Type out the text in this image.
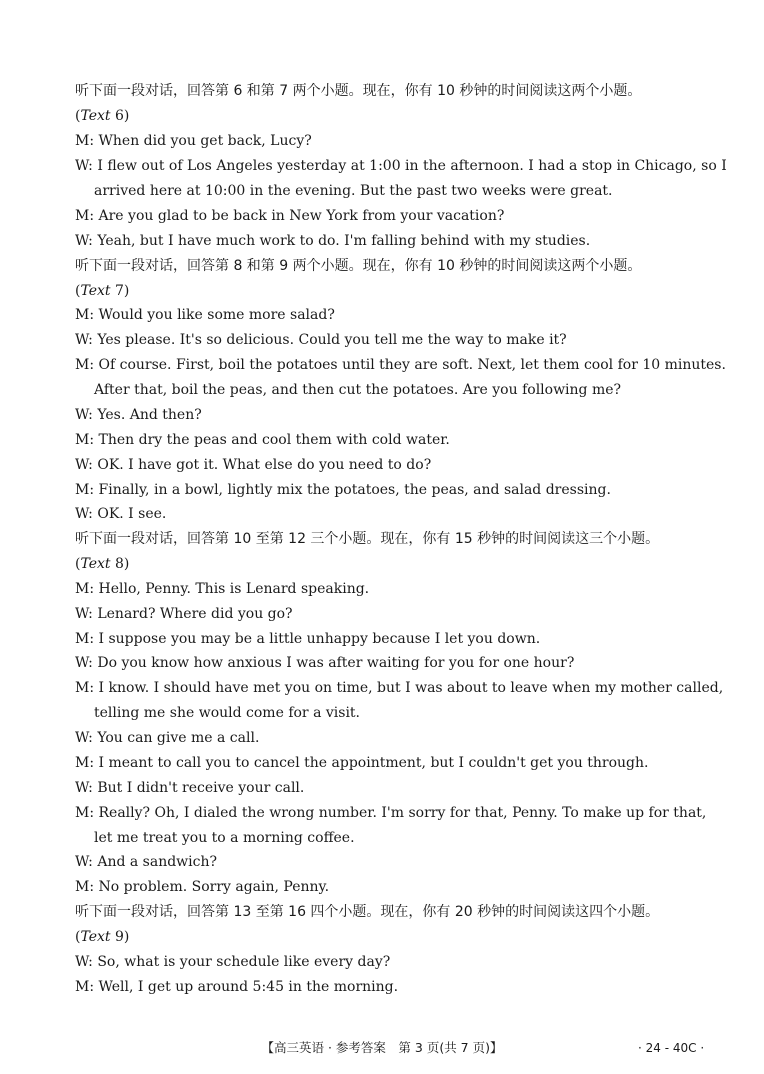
听下面一段对话，回答第 6 和第 7 两个小题。现在，你有 10 秒钟的时间阅读这两个小题。
(Text 6)
M: When did you get back, Lucy?
W: I flew out of Los Angeles yesterday at 1:00 in the afternoon. I had a stop in Chicago, so I
arrived here at 10:00 in the evening. But the past two weeks were great.
M: Are you glad to be back in New York from your vacation?
W: Yeah, but I have much work to do. I'm falling behind with my studies.
听下面一段对话，回答第 8 和第 9 两个小题。现在，你有 10 秒钟的时间阅读这两个小题。
(Text 7)
M: Would you like some more salad?
W: Yes please. It's so delicious. Could you tell me the way to make it?
M: Of course. First, boil the potatoes until they are soft. Next, let them cool for 10 minutes.
After that, boil the peas, and then cut the potatoes. Are you following me?
W: Yes. And then?
M: Then dry the peas and cool them with cold water.
W: OK. I have got it. What else do you need to do?
M: Finally, in a bowl, lightly mix the potatoes, the peas, and salad dressing.
W: OK. I see.
听下面一段对话，回答第 10 至第 12 三个小题。现在，你有 15 秒钟的时间阅读这三个小题。
(Text 8)
M: Hello, Penny. This is Lenard speaking.
W: Lenard? Where did you go?
M: I suppose you may be a little unhappy because I let you down.
W: Do you know how anxious I was after waiting for you for one hour?
M: I know. I should have met you on time, but I was about to leave when my mother called,
telling me she would come for a visit.
W: You can give me a call.
M: I meant to call you to cancel the appointment, but I couldn't get you through.
W: But I didn't receive your call.
M: Really? Oh, I dialed the wrong number. I'm sorry for that, Penny. To make up for that,
let me treat you to a morning coffee.
W: And a sandwich?
M: No problem. Sorry again, Penny.
听下面一段对话，回答第 13 至第 16 四个小题。现在，你有 20 秒钟的时间阅读这四个小题。
(Text 9)
W: So, what is your schedule like every day?
M: Well, I get up around 5:45 in the morning.
【高三英语 · 参考答案　第 3 页(共 7 页)】	· 24 - 40C ·
